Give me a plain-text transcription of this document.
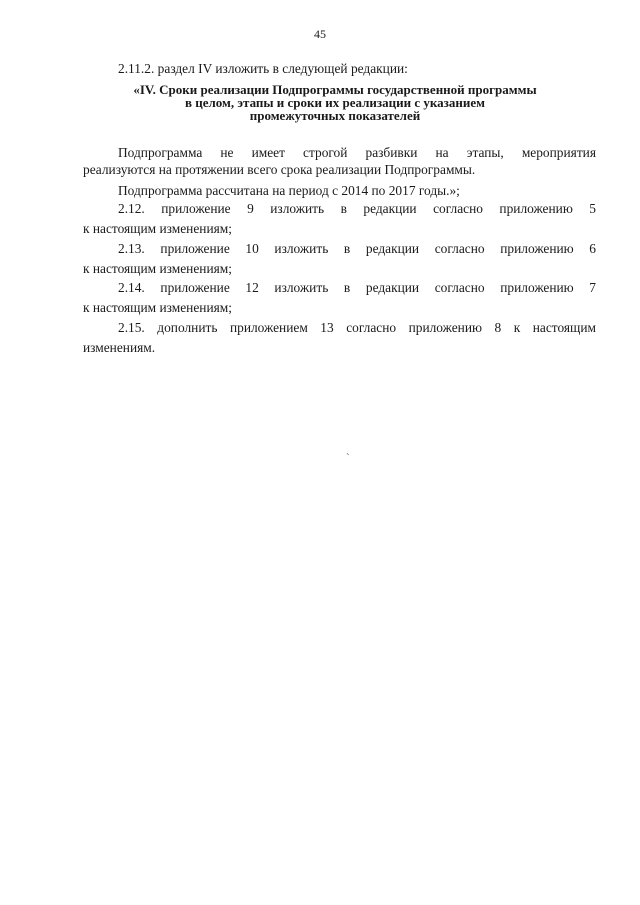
45
2.11.2. раздел IV изложить в следующей редакции:
«IV. Сроки реализации Подпрограммы государственной программы
в целом, этапы и сроки их реализации с указанием
промежуточных показателей
Подпрограмма не имеет строгой разбивки на этапы, мероприятия
реализуются на протяжении всего срока реализации Подпрограммы.
Подпрограмма рассчитана на период с 2014 по 2017 годы.»;
2.12. приложение 9 изложить в редакции согласно приложению 5
к настоящим изменениям;
2.13. приложение 10 изложить в редакции согласно приложению 6
к настоящим изменениям;
2.14. приложение 12 изложить в редакции согласно приложению 7
к настоящим изменениям;
2.15. дополнить приложением 13 согласно приложению 8 к настоящим
изменениям.
`
